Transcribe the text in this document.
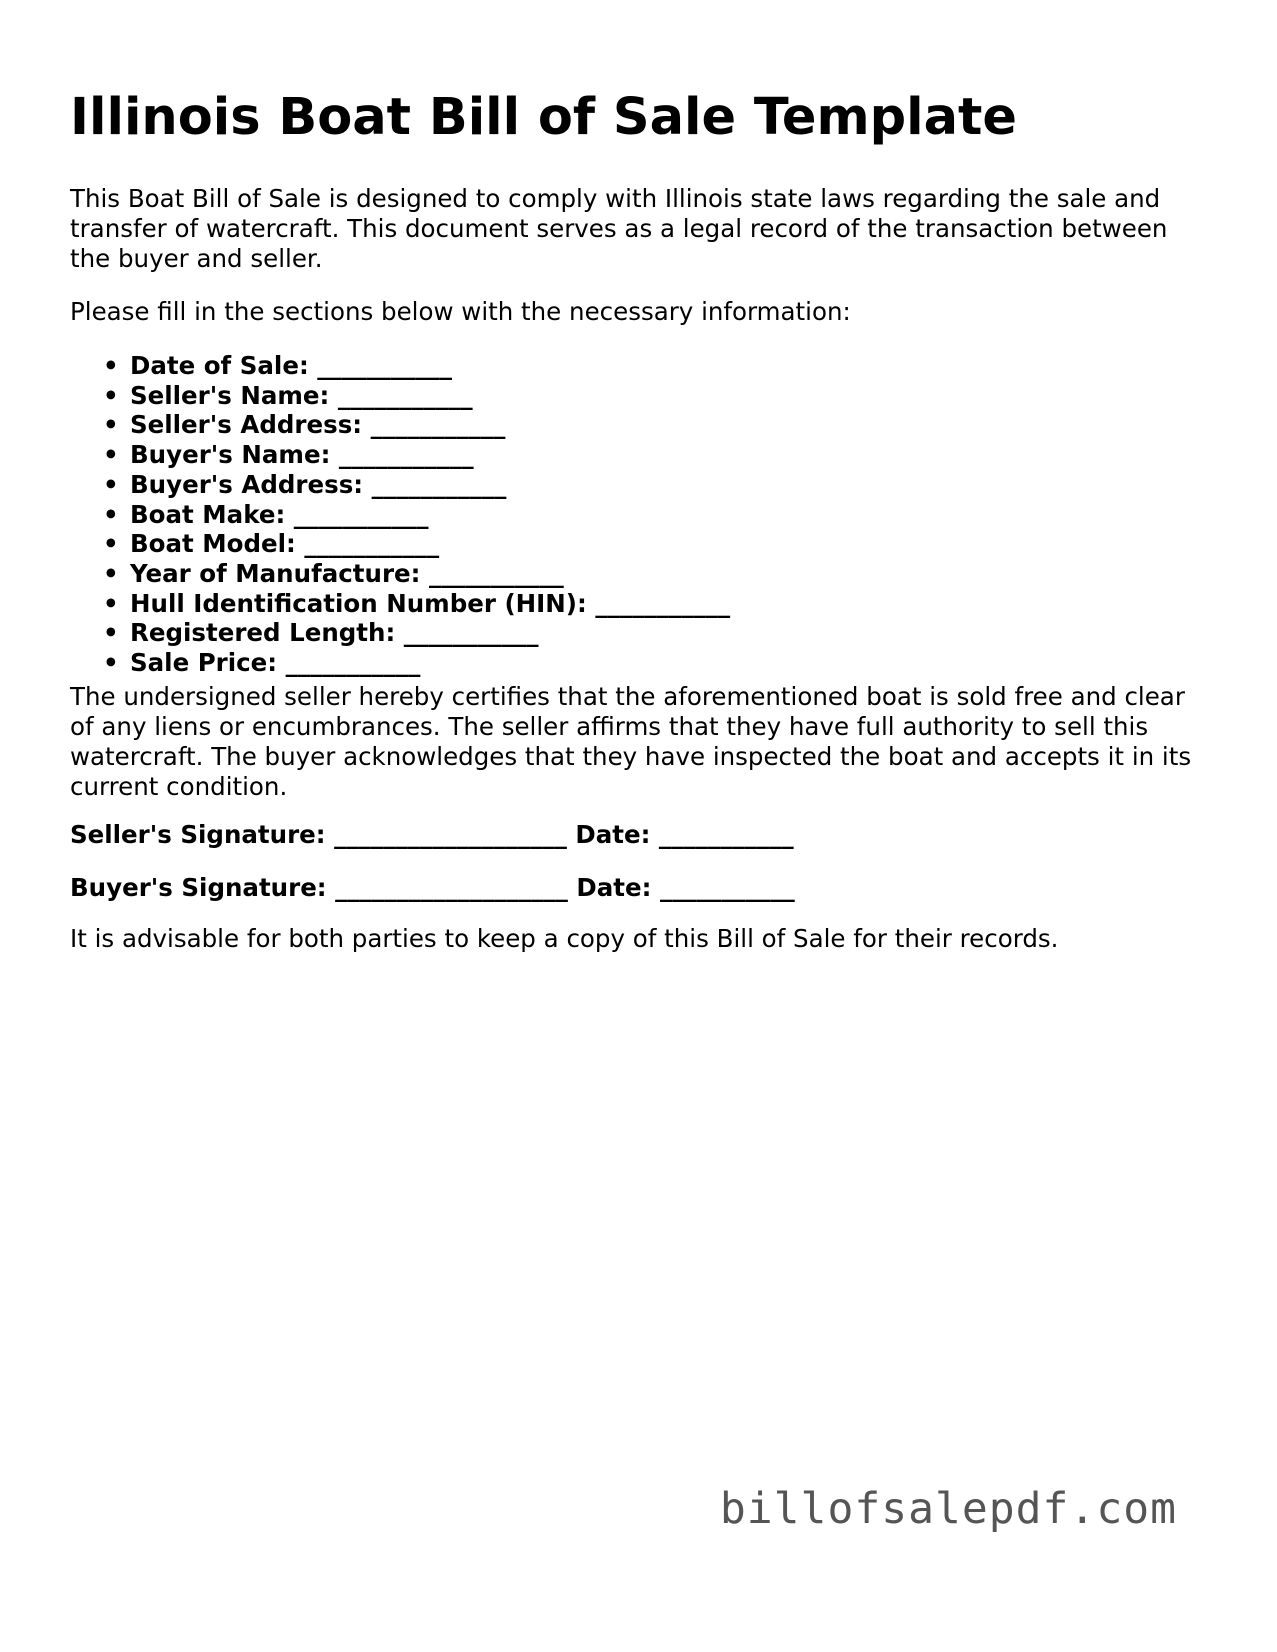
Illinois Boat Bill of Sale Template

This Boat Bill of Sale is designed to comply with Illinois state laws regarding the sale and transfer of watercraft. This document serves as a legal record of the transaction between the buyer and seller.

Please fill in the sections below with the necessary information:

• Date of Sale: ___________
• Seller's Name: ___________
• Seller's Address: ___________
• Buyer's Name: ___________
• Buyer's Address: ___________
• Boat Make: ___________
• Boat Model: ___________
• Year of Manufacture: ___________
• Hull Identification Number (HIN): ___________
• Registered Length: ___________
• Sale Price: ___________

The undersigned seller hereby certifies that the aforementioned boat is sold free and clear of any liens or encumbrances. The seller affirms that they have full authority to sell this watercraft. The buyer acknowledges that they have inspected the boat and accepts it in its current condition.

Seller's Signature: ___________________ Date: ___________
Buyer's Signature: ___________________ Date: ___________

It is advisable for both parties to keep a copy of this Bill of Sale for their records.

billofsalepdf.com
